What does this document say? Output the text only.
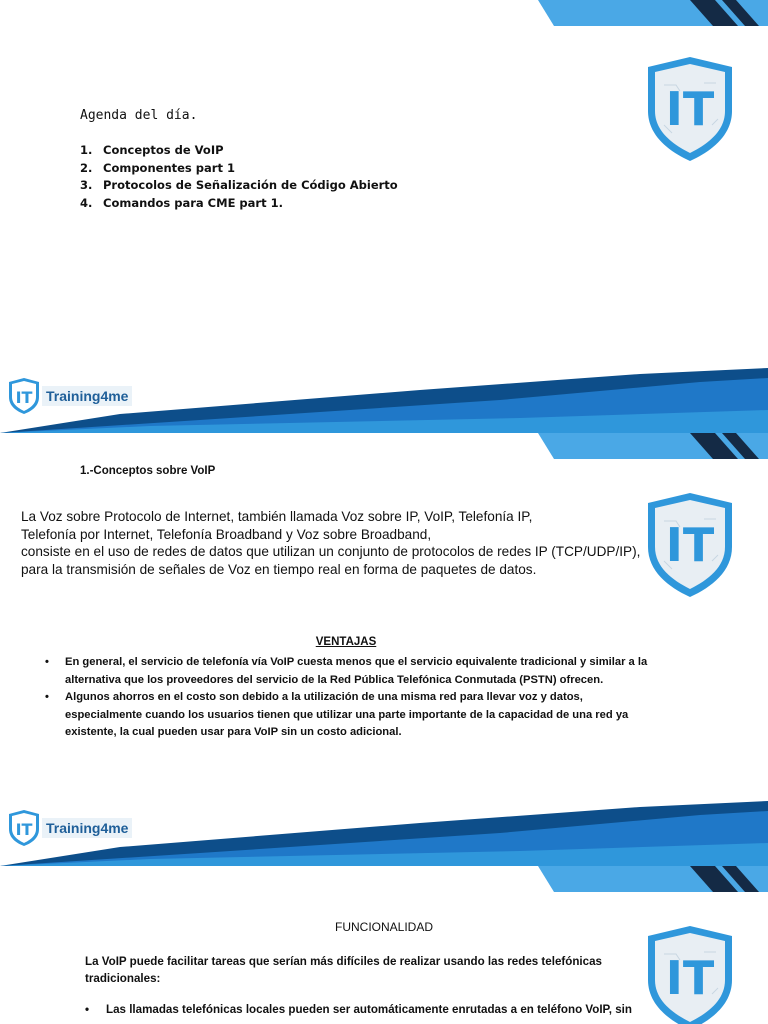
IT
Agenda del día.
1. Conceptos de VoIP
2. Componentes part 1
3. Protocolos de Señalización de Código Abierto
4. Comandos para CME part 1.
IT Training4me
IT
1.-Conceptos sobre VoIP
La Voz sobre Protocolo de Internet, también llamada Voz sobre IP, VoIP, Telefonía IP,
Telefonía por Internet, Telefonía Broadband y Voz sobre Broadband,
consiste en el uso de redes de datos que utilizan un conjunto de protocolos de redes IP (TCP/UDP/IP),
para la transmisión de señales de Voz en tiempo real en forma de paquetes de datos.
VENTAJAS
•	En general, el servicio de telefonía vía VoIP cuesta menos que el servicio equivalente tradicional y similar a la alternativa que los proveedores del servicio de la Red Pública Telefónica Conmutada (PSTN) ofrecen.
•	Algunos ahorros en el costo son debido a la utilización de una misma red para llevar voz y datos, especialmente cuando los usuarios tienen que utilizar una parte importante de la capacidad de una red ya existente, la cual pueden usar para VoIP sin un costo adicional.
IT Training4me
IT
FUNCIONALIDAD
La VoIP puede facilitar tareas que serían más difíciles de realizar usando las redes telefónicas tradicionales:
•	Las llamadas telefónicas locales pueden ser automáticamente enrutadas a en teléfono VoIP, sin
